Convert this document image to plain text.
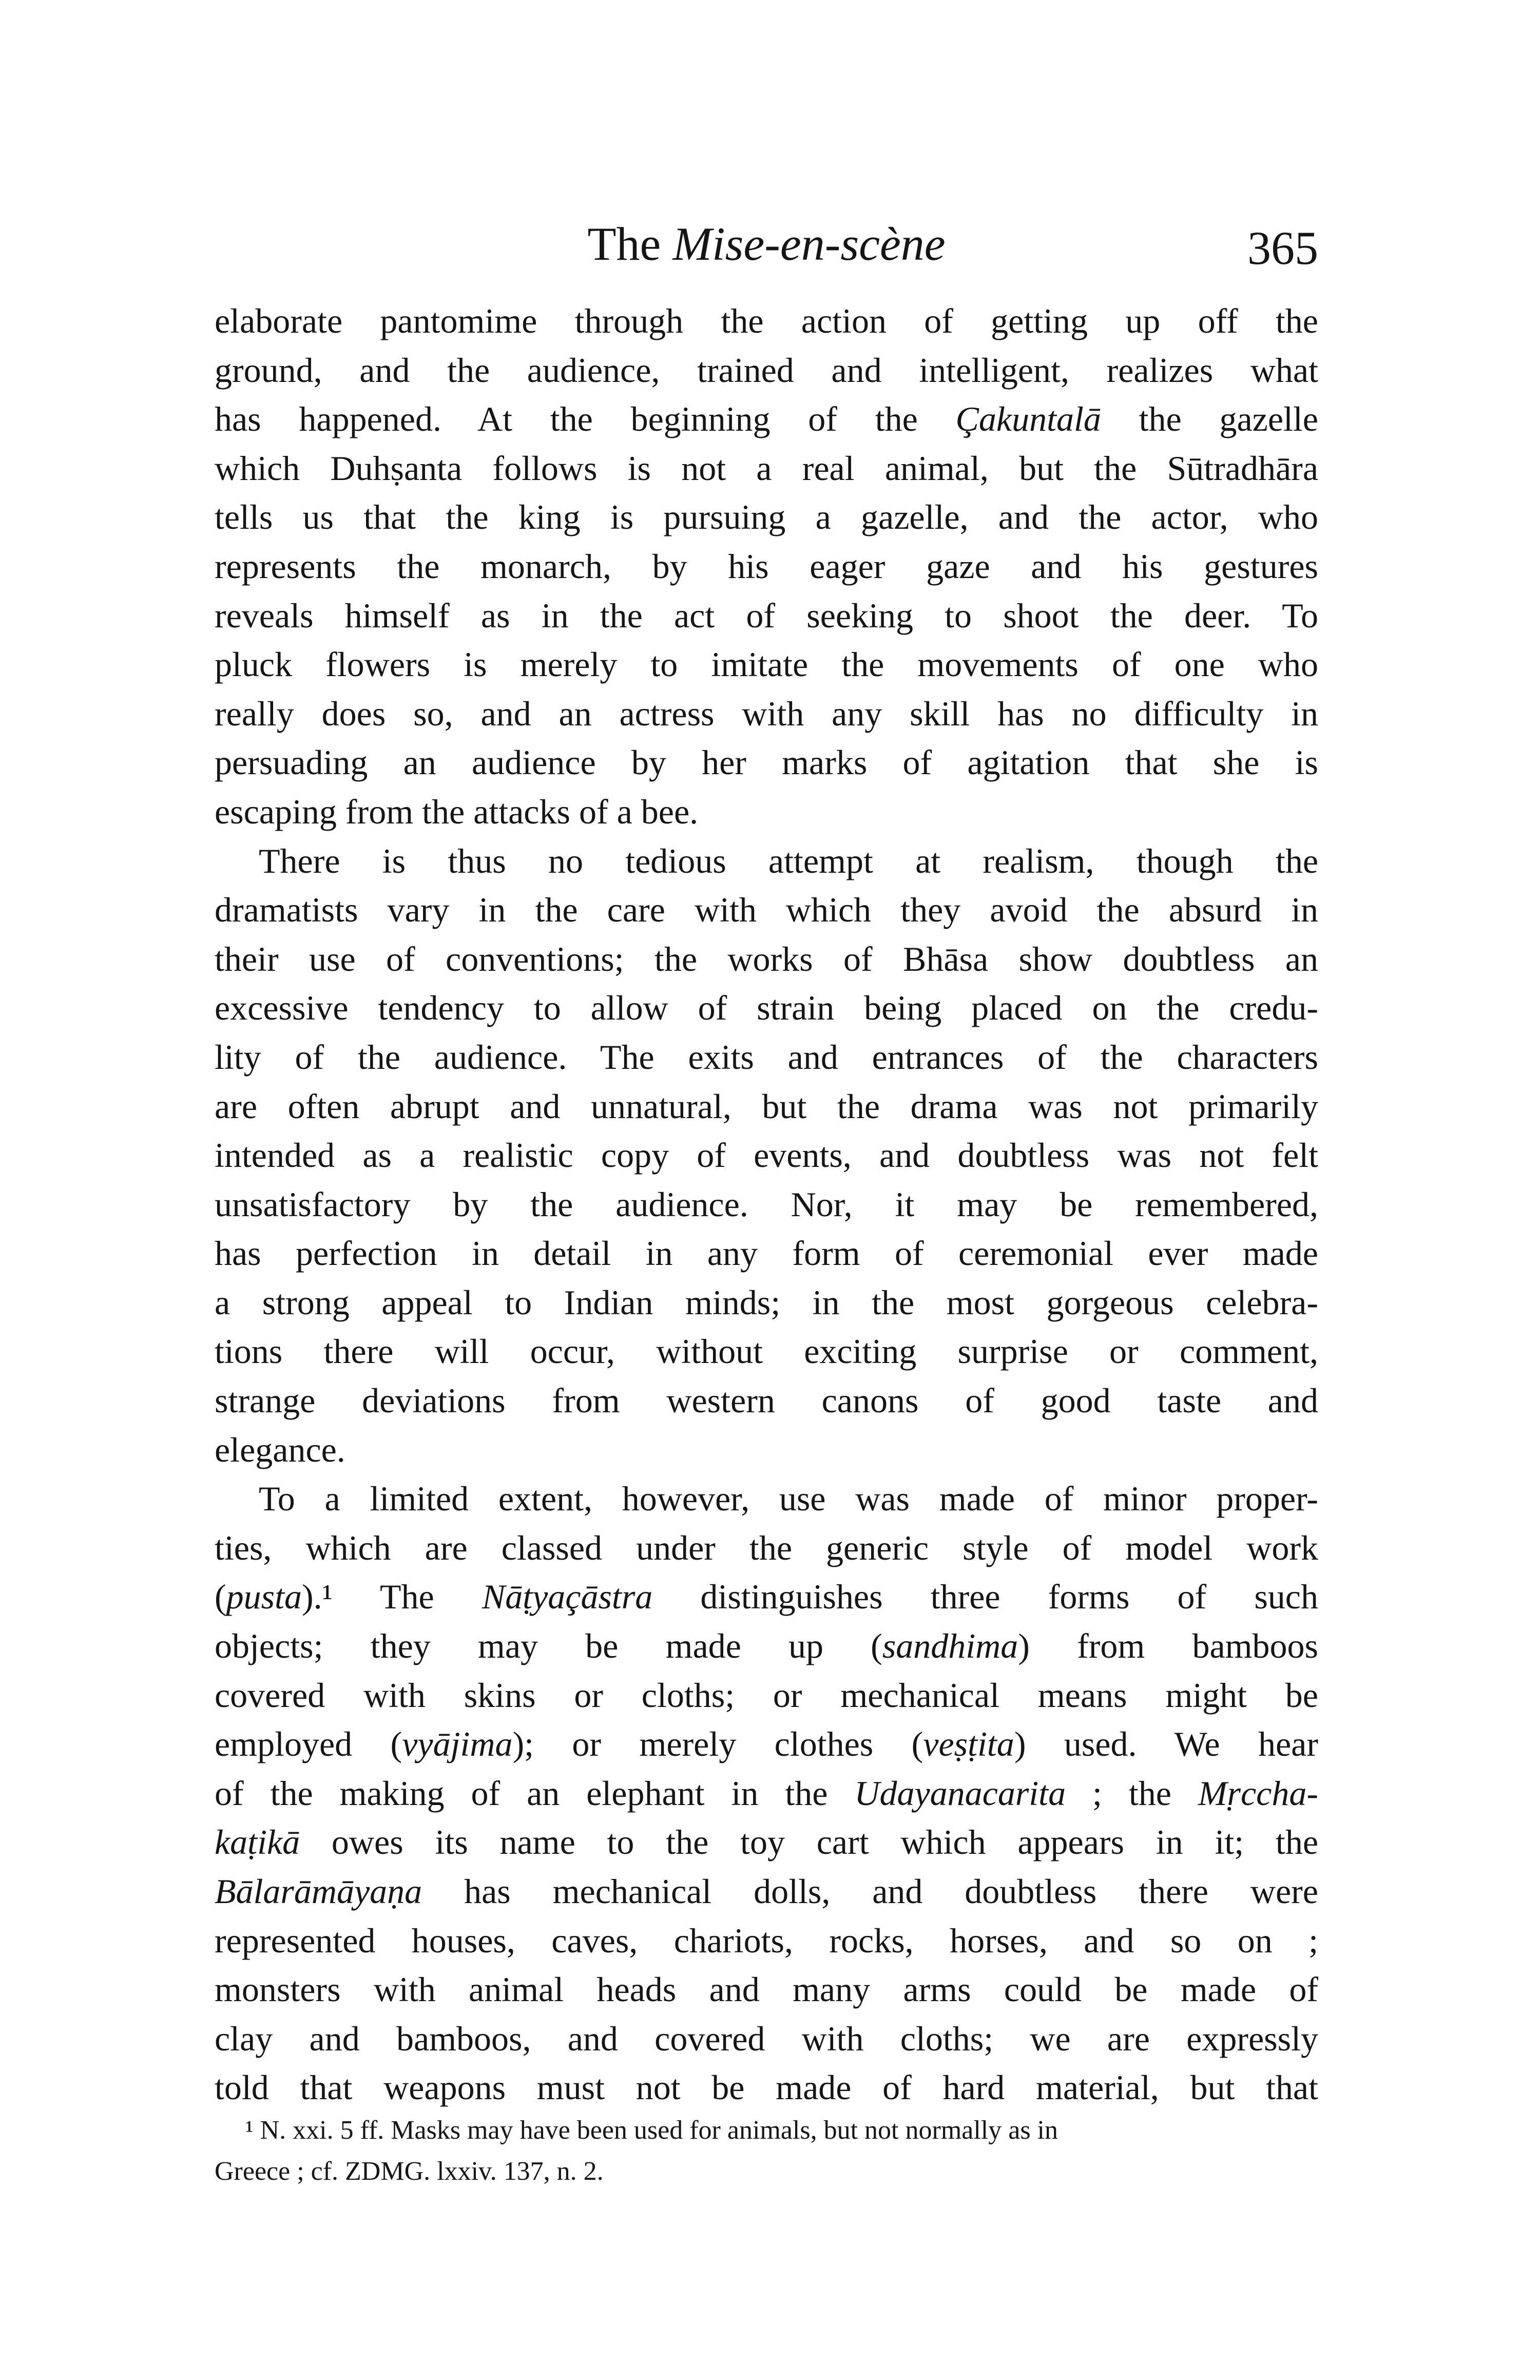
The Mise-en-scène	365
elaborate pantomime through the action of getting up off the
ground, and the audience, trained and intelligent, realizes what
has happened. At the beginning of the Çakuntalā the gazelle
which Duhṣanta follows is not a real animal, but the Sūtradhāra
tells us that the king is pursuing a gazelle, and the actor, who
represents the monarch, by his eager gaze and his gestures
reveals himself as in the act of seeking to shoot the deer. To
pluck flowers is merely to imitate the movements of one who
really does so, and an actress with any skill has no difficulty in
persuading an audience by her marks of agitation that she is
escaping from the attacks of a bee.
There is thus no tedious attempt at realism, though the
dramatists vary in the care with which they avoid the absurd in
their use of conventions; the works of Bhāsa show doubtless an
excessive tendency to allow of strain being placed on the credu-
lity of the audience. The exits and entrances of the characters
are often abrupt and unnatural, but the drama was not primarily
intended as a realistic copy of events, and doubtless was not felt
unsatisfactory by the audience. Nor, it may be remembered,
has perfection in detail in any form of ceremonial ever made
a strong appeal to Indian minds; in the most gorgeous celebra-
tions there will occur, without exciting surprise or comment,
strange deviations from western canons of good taste and
elegance.
To a limited extent, however, use was made of minor proper-
ties, which are classed under the generic style of model work
(pusta).¹ The Nāṭyaçāstra distinguishes three forms of such
objects; they may be made up (sandhima) from bamboos
covered with skins or cloths; or mechanical means might be
employed (vyājima); or merely clothes (veṣṭita) used. We hear
of the making of an elephant in the Udayanacarita ; the Mṛccha-
kaṭikā owes its name to the toy cart which appears in it; the
Bālarāmāyaṇa has mechanical dolls, and doubtless there were
represented houses, caves, chariots, rocks, horses, and so on ;
monsters with animal heads and many arms could be made of
clay and bamboos, and covered with cloths; we are expressly
told that weapons must not be made of hard material, but that
¹ N. xxi. 5 ff. Masks may have been used for animals, but not normally as in
Greece ; cf. ZDMG. lxxiv. 137, n. 2.
